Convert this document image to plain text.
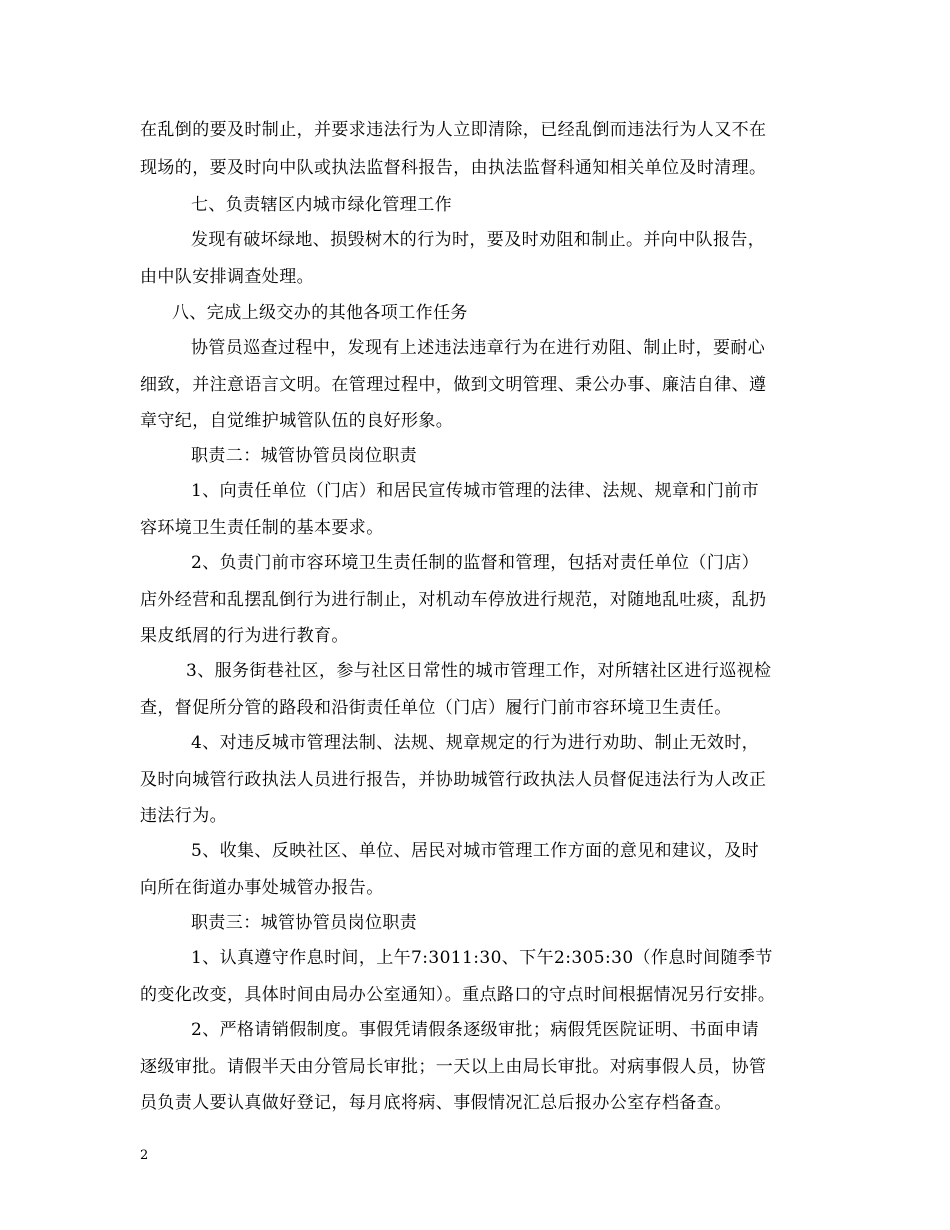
在乱倒的要及时制止，并要求违法行为人立即清除，已经乱倒而违法行为人又不在
现场的，要及时向中队或执法监督科报告，由执法监督科通知相关单位及时清理。
七、负责辖区内城市绿化管理工作
发现有破坏绿地、损毁树木的行为时，要及时劝阻和制止。并向中队报告，
由中队安排调查处理。
八、完成上级交办的其他各项工作任务
协管员巡查过程中，发现有上述违法违章行为在进行劝阻、制止时，要耐心
细致，并注意语言文明。在管理过程中，做到文明管理、秉公办事、廉洁自律、遵
章守纪，自觉维护城管队伍的良好形象。
职责二：城管协管员岗位职责
1、向责任单位（门店）和居民宣传城市管理的法律、法规、规章和门前市
容环境卫生责任制的基本要求。
2、负责门前市容环境卫生责任制的监督和管理，包括对责任单位（门店）
店外经营和乱摆乱倒行为进行制止，对机动车停放进行规范，对随地乱吐痰，乱扔
果皮纸屑的行为进行教育。
3、服务街巷社区，参与社区日常性的城市管理工作，对所辖社区进行巡视检
查，督促所分管的路段和沿街责任单位（门店）履行门前市容环境卫生责任。
4、对违反城市管理法制、法规、规章规定的行为进行劝助、制止无效时，
及时向城管行政执法人员进行报告，并协助城管行政执法人员督促违法行为人改正
违法行为。
5、收集、反映社区、单位、居民对城市管理工作方面的意见和建议，及时
向所在街道办事处城管办报告。
职责三：城管协管员岗位职责
1、认真遵守作息时间，上午7:3011:30、下午2:305:30（作息时间随季节
的变化改变，具体时间由局办公室通知）。重点路口的守点时间根据情况另行安排。
2、严格请销假制度。事假凭请假条逐级审批；病假凭医院证明、书面申请
逐级审批。请假半天由分管局长审批；一天以上由局长审批。对病事假人员，协管
员负责人要认真做好登记，每月底将病、事假情况汇总后报办公室存档备查。
2
